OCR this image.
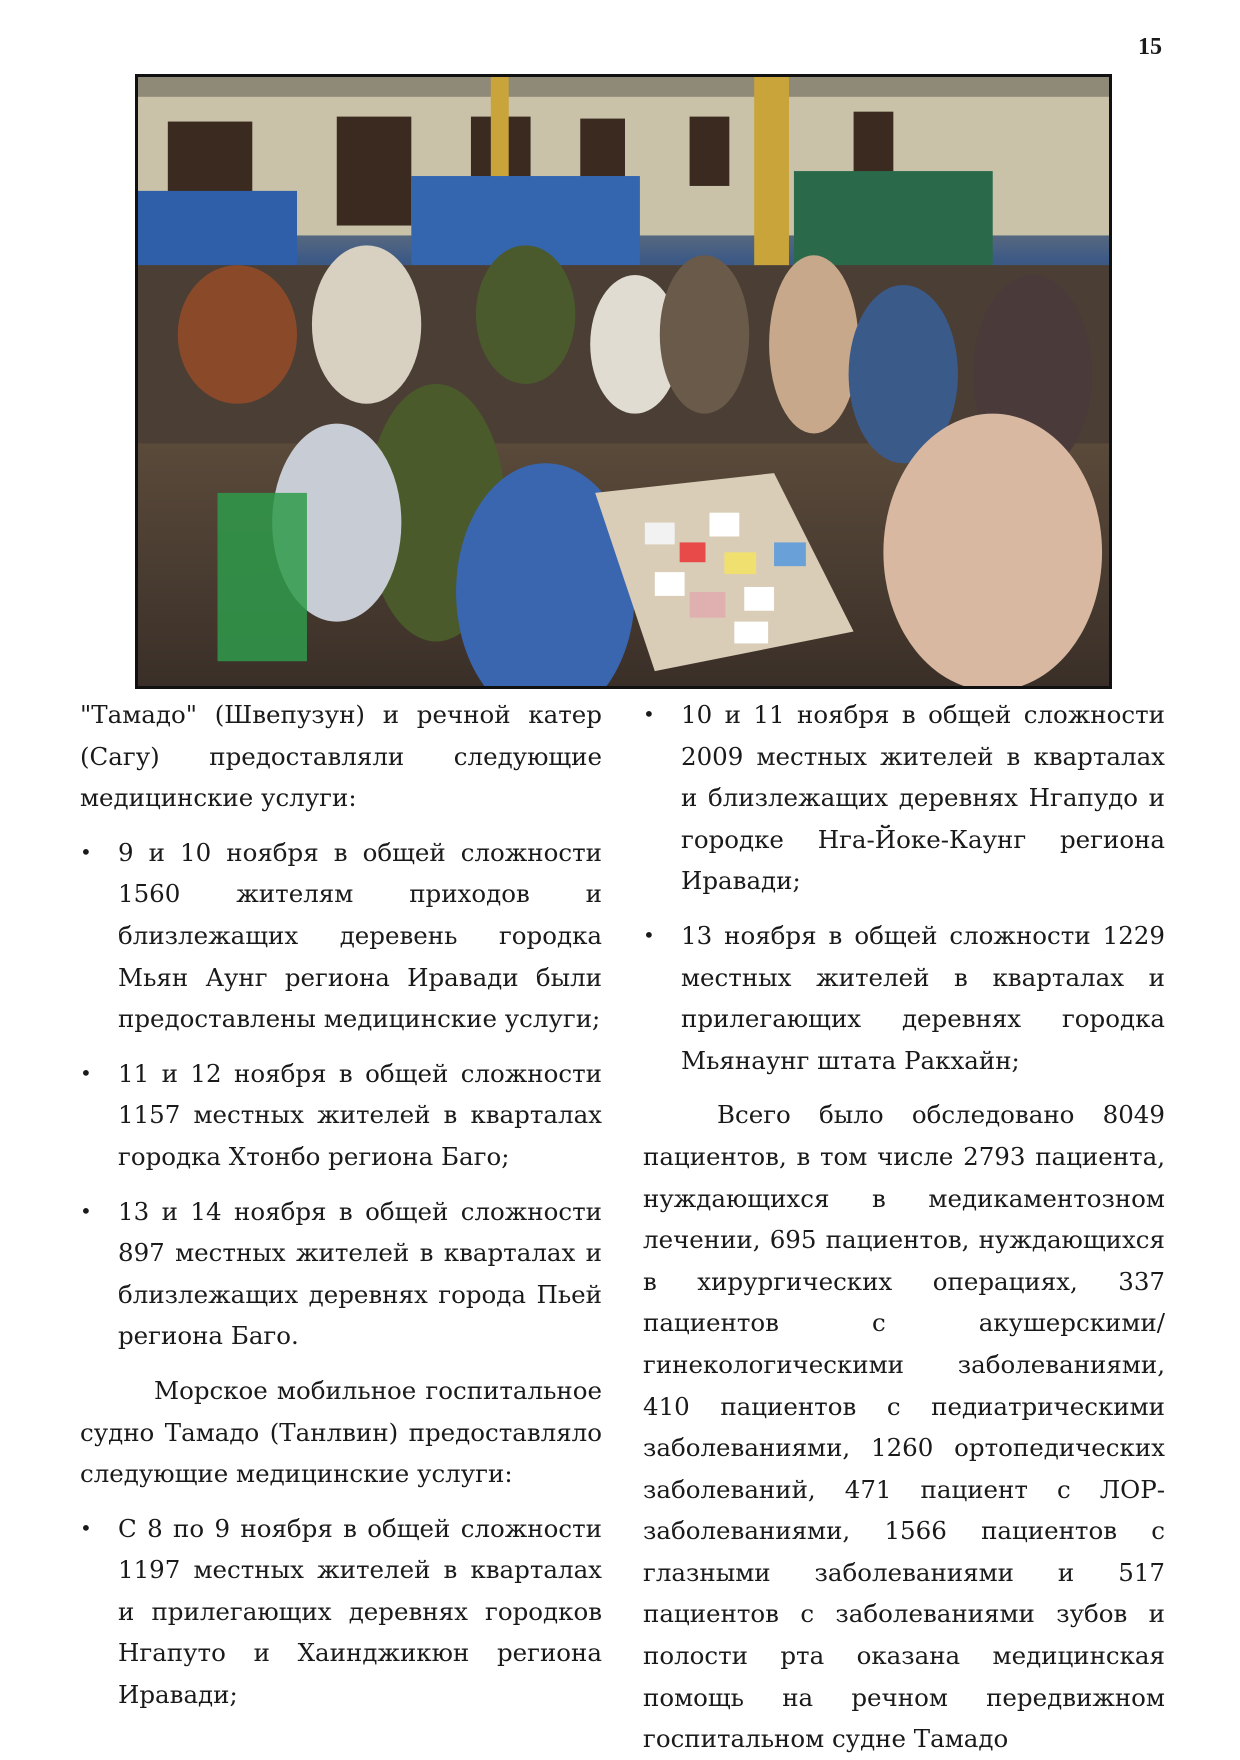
15

"Тамадо" (Швепузун) и речной катер (Сагу) предоставляли следующие медицинские услуги:

• 9 и 10 ноября в общей сложности 1560 жителям приходов и близлежащих деревень городка Мьян Аунг региона Иравади были предоставлены медицинские услуги;
• 11 и 12 ноября в общей сложности 1157 местных жителей в кварталах городка Хтонбо региона Баго;
• 13 и 14 ноября в общей сложности 897 местных жителей в кварталах и близлежащих деревнях города Пьей региона Баго.

Морское мобильное госпитальное судно Тамадо (Танлвин) предоставляло следующие медицинские услуги:

• С 8 по 9 ноября в общей сложности 1197 местных жителей в кварталах и прилегающих деревнях городков Нгапуто и Хаинджикюн региона Иравади;
• 10 и 11 ноября в общей сложности 2009 местных жителей в кварталах и близлежащих деревнях Нгапудо и городке Нга-Йоке-Каунг региона Иравади;
• 13 ноября в общей сложности 1229 местных жителей в кварталах и прилегающих деревнях городка Мьянаунг штата Ракхайн;

Всего было обследовано 8049 пациентов, в том числе 2793 пациента, нуждающихся в медикаментозном лечении, 695 пациентов, нуждающихся в хирургических операциях, 337 пациентов с акушерскими/гинекологическими заболеваниями, 410 пациентов с педиатрическими заболеваниями, 1260 ортопедических заболеваний, 471 пациент с ЛОР-заболеваниями, 1566 пациентов с глазными заболеваниями и 517 пациентов с заболеваниями зубов и полости рта оказана медицинская помощь на речном передвижном госпитальном судне Тамадо
